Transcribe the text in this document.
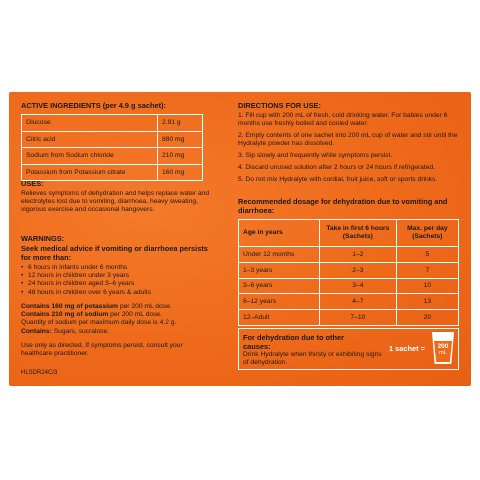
ACTIVE INGREDIENTS (per 4.9 g sachet):

Glucose	2.91 g
Citric acid	880 mg
Sodium from Sodium chloride	210 mg
Potassium from Potassium citrate	160 mg

USES:

Relieves symptoms of dehydration and helps replace water and electrolytes lost due to vomiting, diarrhoea, heavy sweating, vigorous exercise and occasional hangovers.

WARNINGS:

Seek medical advice if vomiting or diarrhoea persists for more than:

• 6 hours in infants under 6 months
• 12 hours in children under 3 years
• 24 hours in children aged 3–6 years
• 48 hours in children over 6 years & adults

Contains 160 mg of potassium per 200 mL dose.

Contains 210 mg of sodium per 200 mL dose.

Quantity of sodium per maximum daily dose is 4.2 g.

Contains: Sugars, sucralose.

Use only as directed. If symptoms persist, consult your healthcare practitioner.

HLSDR24C/3

DIRECTIONS FOR USE:

1. Fill cup with 200 mL of fresh, cold drinking water. For babies under 6 months use freshly boiled and cooled water.
2. Empty contents of one sachet into 200 mL cup of water and stir until the Hydralyte powder has dissolved.
3. Sip slowly and frequently while symptoms persist.
4. Discard unused solution after 2 hours or 24 hours if refrigerated.
5. Do not mix Hydralyte with cordial, fruit juice, soft or sports drinks.

Recommended dosage for dehydration due to vomiting and diarrhoea:

Age in years	Take in first 6 hours (Sachets)	Max. per day (Sachets)
Under 12 months	1–2	5
1–3 years	2–3	7
3–6 years	3–4	10
6–12 years	4–7	13
12–Adult	7–10	20

For dehydration due to other causes:

Drink Hydralyte when thirsty or exhibiting signs of dehydration.

1 sachet =	200
mL
